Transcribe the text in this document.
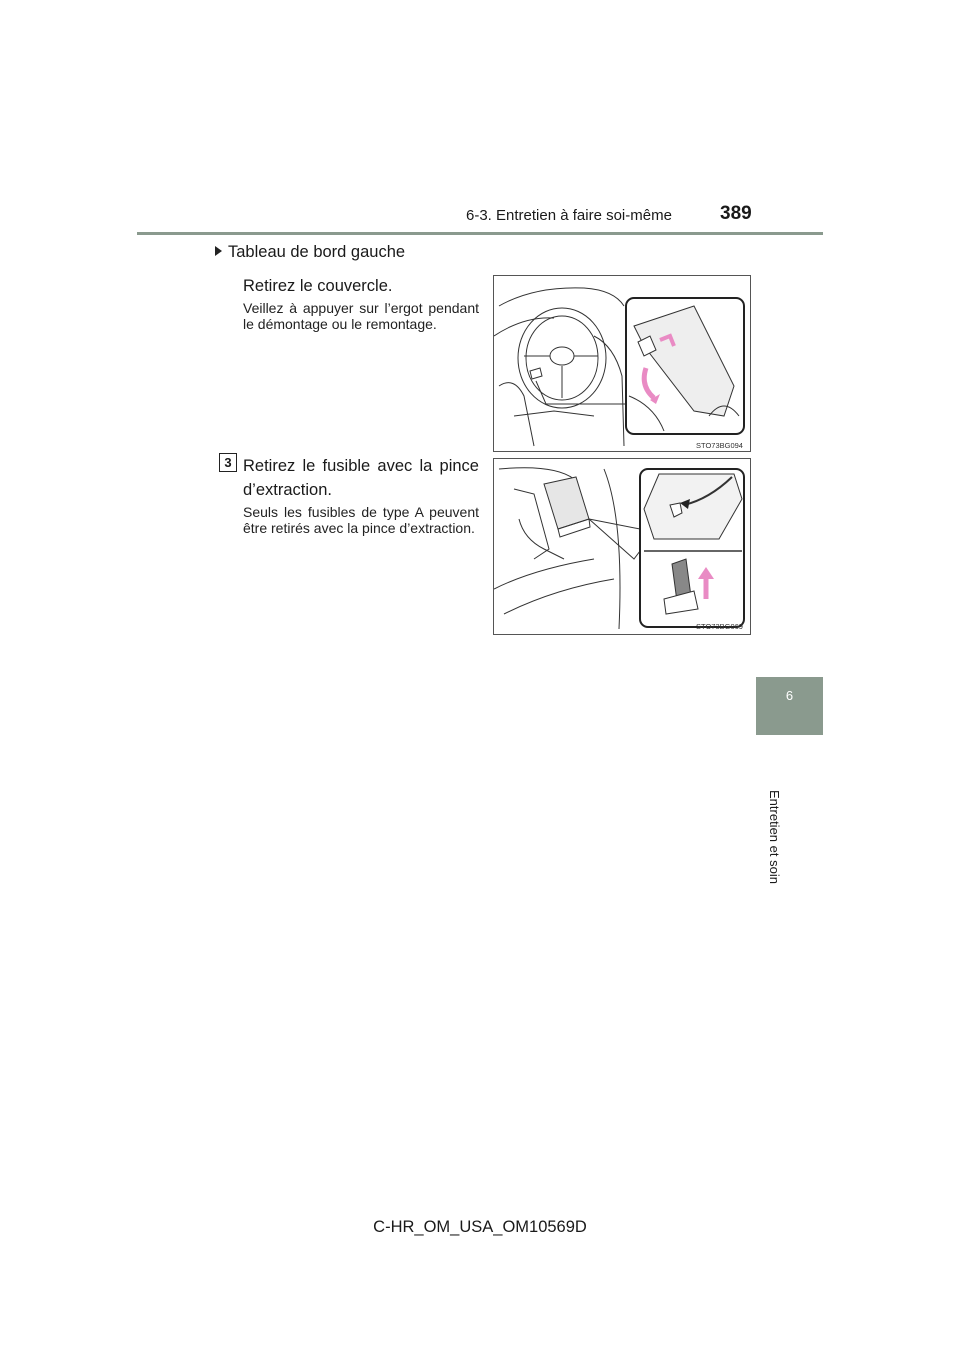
6-3. Entretien à faire soi-même	389
6
Entretien et soin
Tableau de bord gauche
Retirez le couvercle.
Veillez à appuyer sur l’ergot pendant le démontage ou le remontage.
3 Retirez le fusible avec la pince d’extraction.
Seuls les fusibles de type A peuvent être retirés avec la pince d’extraction.
STO73BG094
STO73BG069
C-HR_OM_USA_OM10569D
